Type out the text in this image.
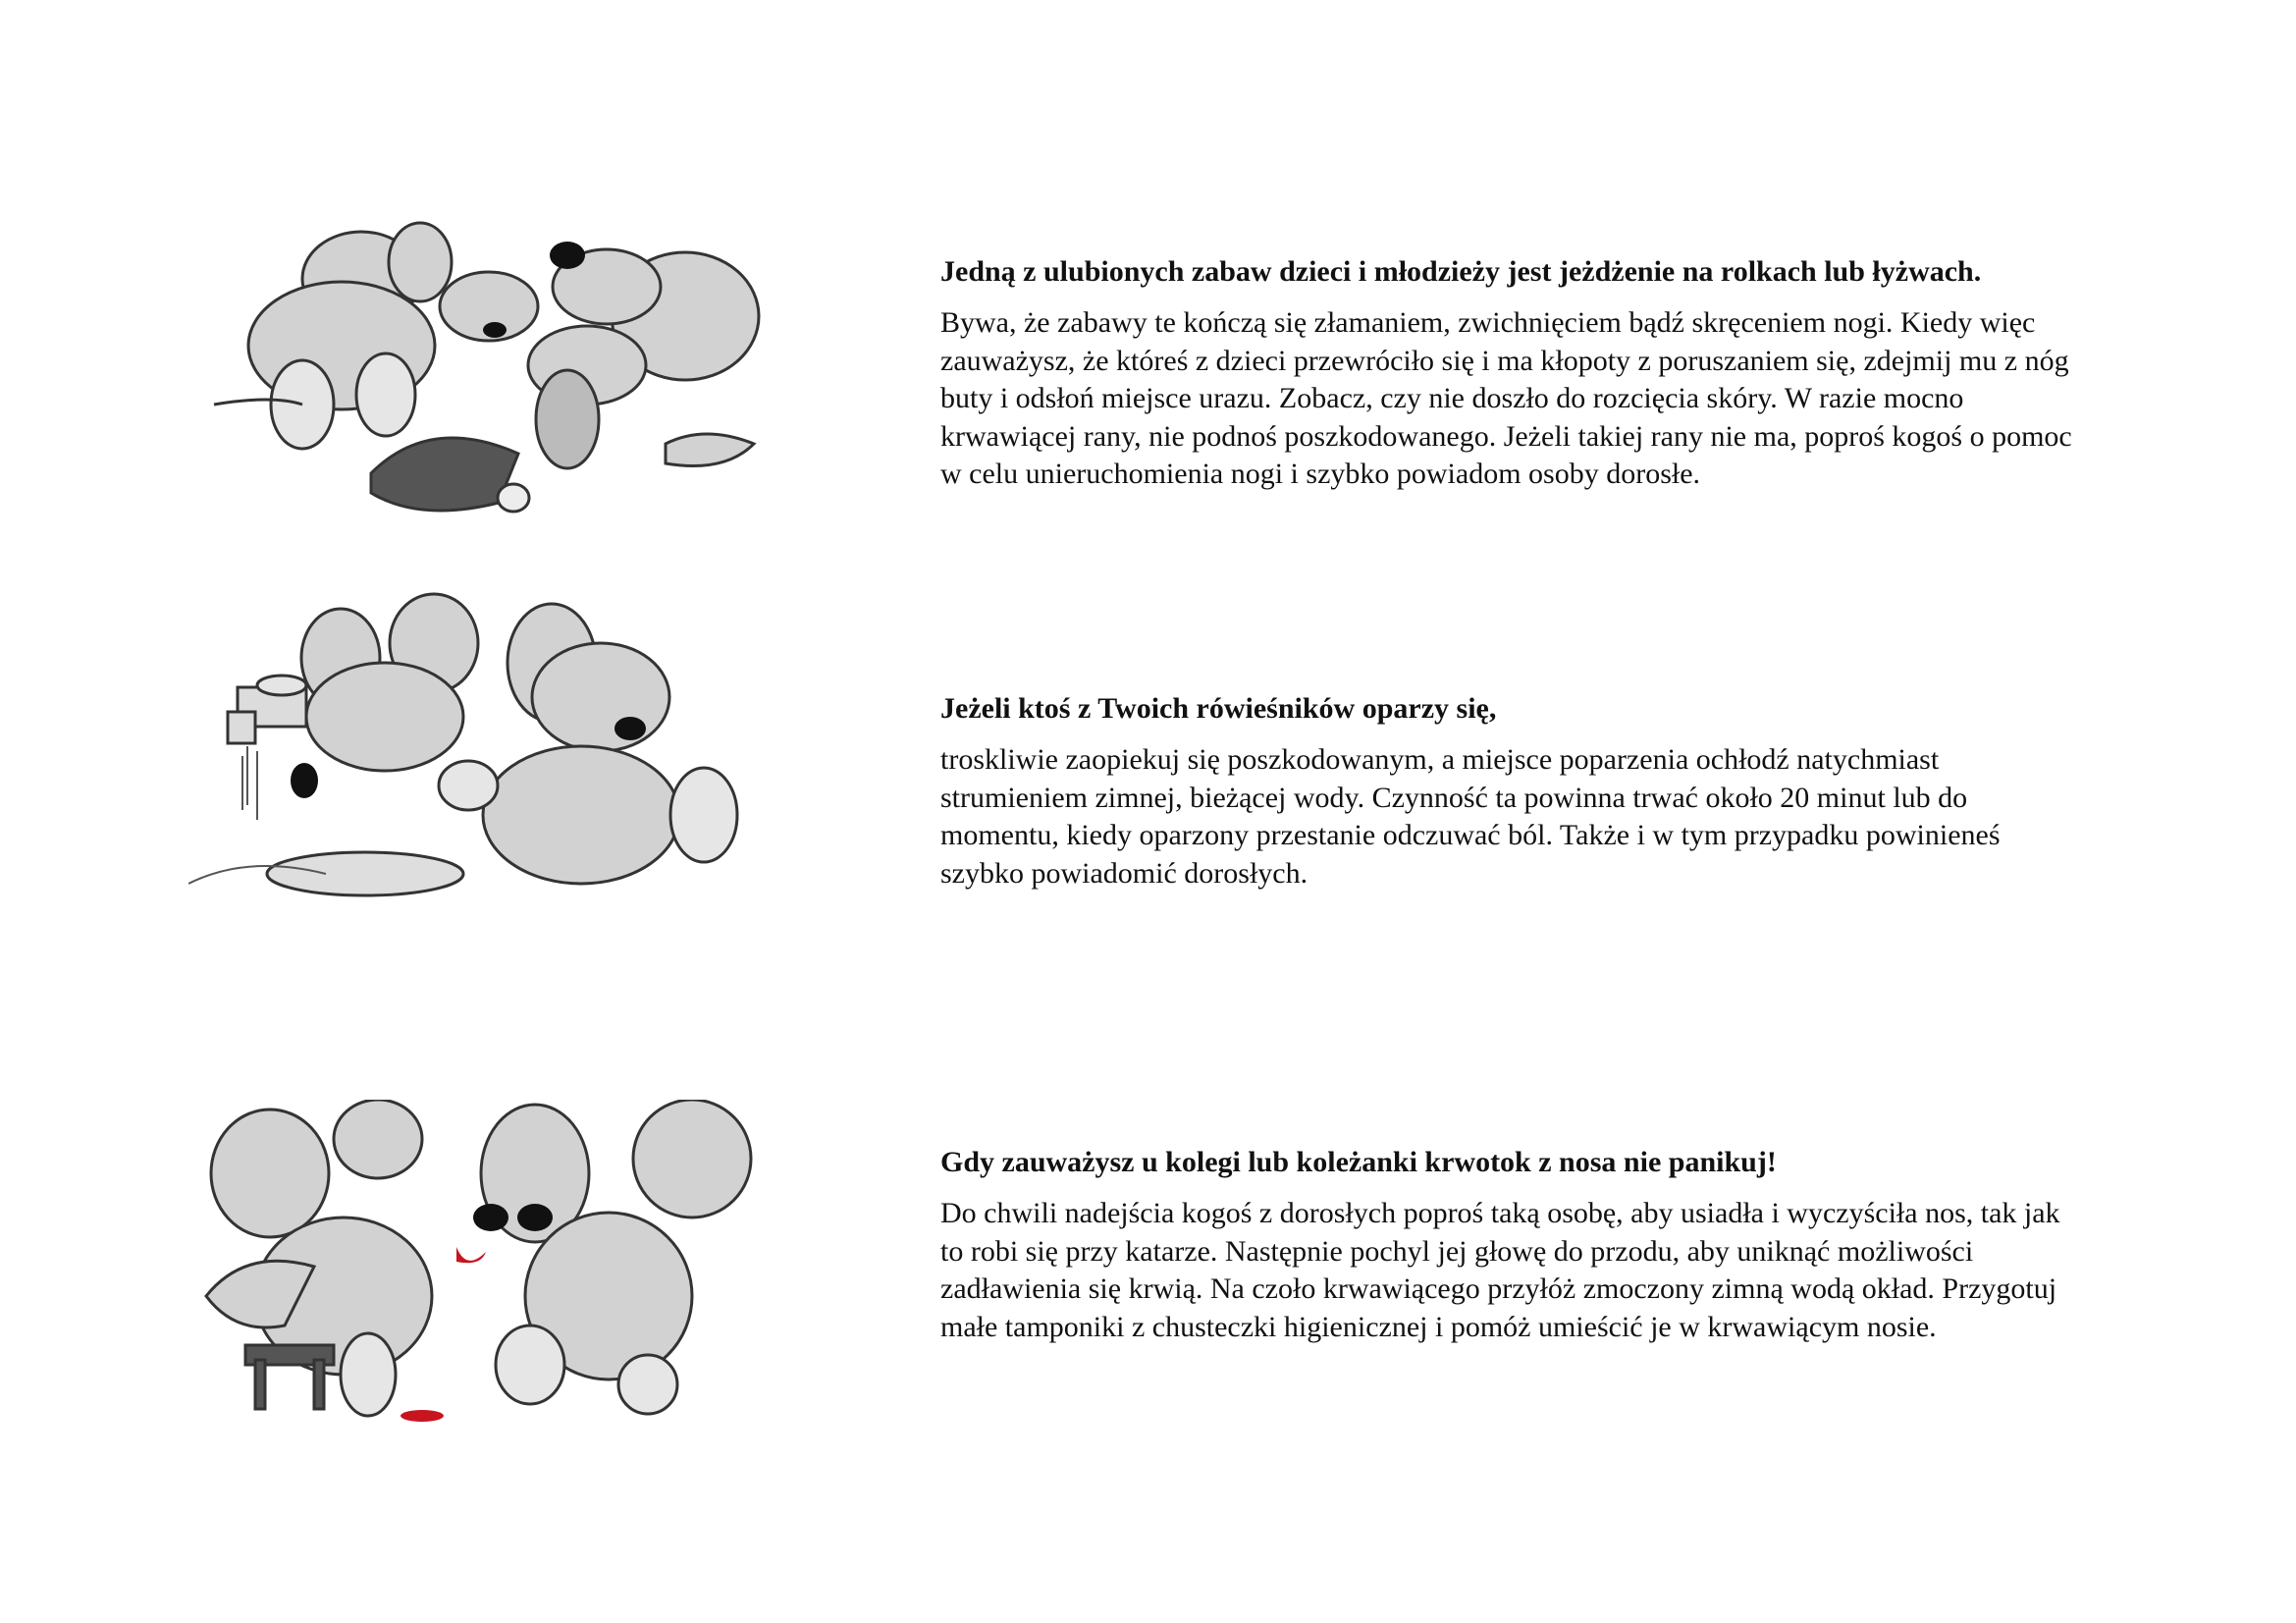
Jedną z ulubionych zabaw dzieci i młodzieży jest jeżdżenie na rolkach lub łyżwach.

Bywa, że zabawy te kończą się złamaniem, zwichnięciem bądź skręceniem nogi. Kiedy więc
zauważysz, że któreś z dzieci przewróciło się i ma kłopoty z poruszaniem się, zdejmij mu z nóg
buty i odsłoń miejsce urazu. Zobacz, czy nie doszło do rozcięcia skóry. W razie mocno
krwawiącej rany, nie podnoś poszkodowanego. Jeżeli takiej rany nie ma, poproś kogoś o pomoc
w celu unieruchomienia nogi i szybko powiadom osoby dorosłe.

Jeżeli ktoś z Twoich rówieśników oparzy się,

troskliwie zaopiekuj się poszkodowanym, a miejsce poparzenia ochłodź natychmiast
strumieniem zimnej, bieżącej wody. Czynność ta powinna trwać około 20 minut lub do
momentu, kiedy oparzony przestanie odczuwać ból. Także i w tym przypadku powinieneś
szybko powiadomić dorosłych.

Gdy zauważysz u kolegi lub koleżanki krwotok z nosa nie panikuj!

Do chwili nadejścia kogoś z dorosłych poproś taką osobę, aby usiadła i wyczyściła nos, tak jak
to robi się przy katarze. Następnie pochyl jej głowę do przodu, aby uniknąć możliwości
zadławienia się krwią. Na czoło krwawiącego przyłóż zmoczony zimną wodą okład. Przygotuj
małe tamponiki z chusteczki higienicznej i pomóż umieścić je w krwawiącym nosie.
